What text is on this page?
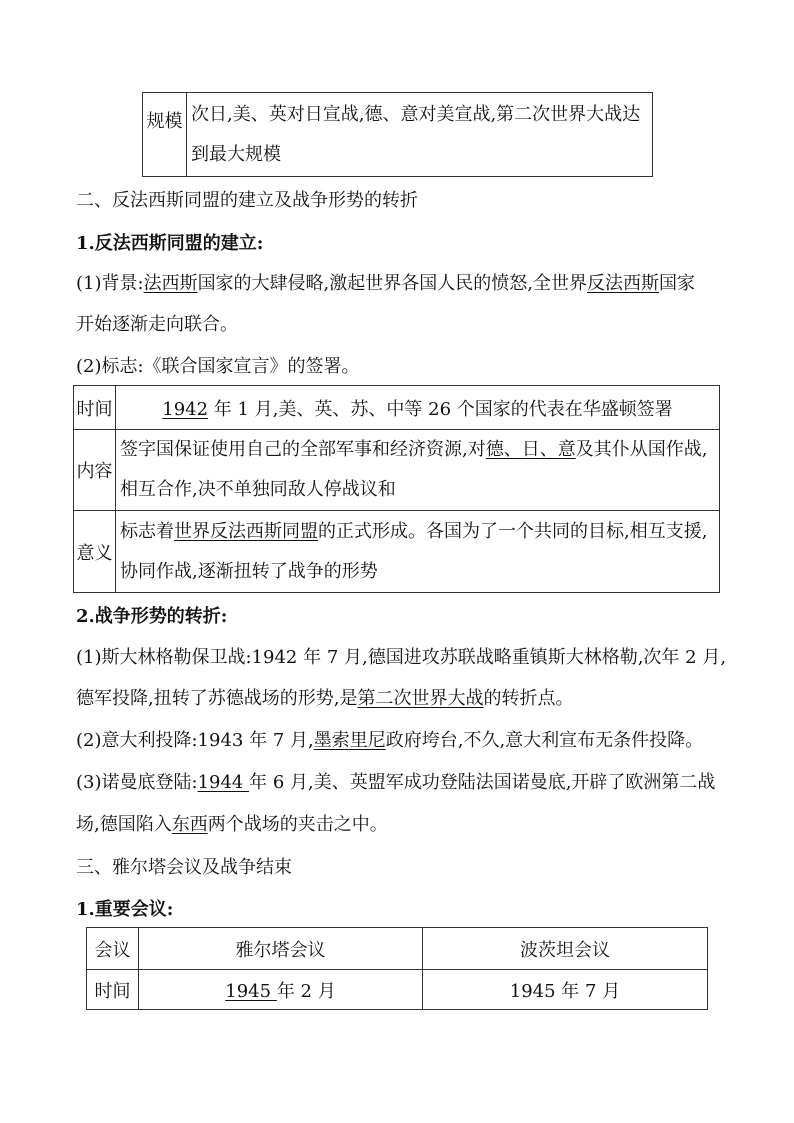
规模	次日,美、英对日宣战,德、意对美宣战,第二次世界大战达
到最大规模
二、反法西斯同盟的建立及战争形势的转折
1.反法西斯同盟的建立:
(1)背景:法西斯国家的大肆侵略,激起世界各国人民的愤怒,全世界反法西斯国家
开始逐渐走向联合。
(2)标志:《联合国家宣言》的签署。
时间	1942 年 1 月,美、英、苏、中等 26 个国家的代表在华盛顿签署
内容	签字国保证使用自己的全部军事和经济资源,对德、日、意及其仆从国作战,
相互合作,决不单独同敌人停战议和

意义	标志着世界反法西斯同盟的正式形成。各国为了一个共同的目标,相互支援,
协同作战,逐渐扭转了战争的形势
2.战争形势的转折:
(1)斯大林格勒保卫战:1942 年 7 月,德国进攻苏联战略重镇斯大林格勒,次年 2 月,
德军投降,扭转了苏德战场的形势,是第二次世界大战的转折点。
(2)意大利投降:1943 年 7 月,墨索里尼政府垮台,不久,意大利宣布无条件投降。
(3)诺曼底登陆:1944 年 6 月,美、英盟军成功登陆法国诺曼底,开辟了欧洲第二战
场,德国陷入东西两个战场的夹击之中。
三、雅尔塔会议及战争结束
1.重要会议:
会议	雅尔塔会议	波茨坦会议
时间	1945 年 2 月	1945 年 7 月
